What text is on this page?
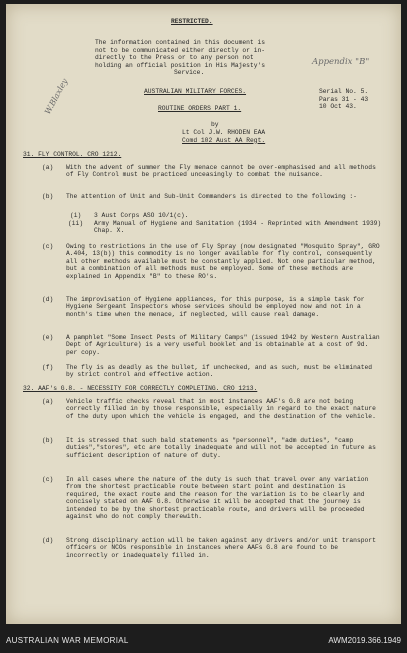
RESTRICTED.
The information contained in this document is
not to be communicated either directly or in-
directly to the Press or to any person not
holding an official position in His Majesty's
Service.
Appendix "B"
W.Blaxley	AUSTRALIAN MILITARY FORCES.
ROUTINE ORDERS PART 1.
Serial No. 5.
Paras 31 - 43
10 Oct 43.
by
Lt Col J.W. RHODEN EAA
Comd 102 Aust AA Regt.
31. FLY CONTROL. CRO 1212.
(a)	With the advent of summer the Fly menace cannot be over-emphasised and all methods of Fly Control must be practiced unceasingly to combat the nuisance.
(b)	The attention of Unit and Sub-Unit Commanders is directed to the following :-
(i) 3 Aust Corps ASO 10/1(c).
(ii) Army Manual of Hygiene and Sanitation (1934 - Reprinted with Amendment 1939) Chap. X.
(c)	Owing to restrictions in the use of Fly Spray (now designated "Mosquito Spray", GRO A.404, 13(b)) this commodity is no longer available for fly control, consequently all other methods available must be constantly applied. Not one particular method, but a combination of all methods must be employed. Some of these methods are explained in Appendix "B" to these RO's.
(d)	The improvisation of Hygiene appliances, for this purpose, is a simple task for Hygiene Sergeant Inspectors whose services should be employed now and not in a month's time when the menace, if neglected, will cause real damage.
(e)	A pamphlet "Some Insect Pests of Military Camps" (issued 1942 by Western Australian Dept of Agriculture) is a very useful booklet and is obtainable at a cost of 9d. per copy.
(f)	The fly is as deadly as the bullet, if unchecked, and as such, must be eliminated by strict control and effective action.
32. AAF's G.8. - NECESSITY FOR CORRECTLY COMPLETING. CRO 1213.
(a)	Vehicle traffic checks reveal that in most instances AAF's G.8 are not being correctly filled in by those responsible, especially in regard to the exact nature of the duty upon which the vehicle is engaged, and the destination of the vehicle.
(b)	It is stressed that such bald statements as "personnel", "adm duties", "camp duties","stores", etc are totally inadequate and will not be accepted in future as sufficient description of nature of duty.
(c)	In all cases where the nature of the duty is such that travel over any variation from the shortest practicable route between start point and destination is required, the exact route and the reason for the variation is to be clearly and concisely stated on AAF G.8. Otherwise it will be accepted that the journey is intended to be by the shortest practicable route, and drivers will be proceeded against who do not comply therewith.
(d)	Strong disciplinary action will be taken against any drivers and/or unit transport officers or NCOs responsible in instances where AAFs G.8 are found to be incorrectly or inadequately filled in.
AUSTRALIAN WAR MEMORIAL	AWM2019.366.1949
